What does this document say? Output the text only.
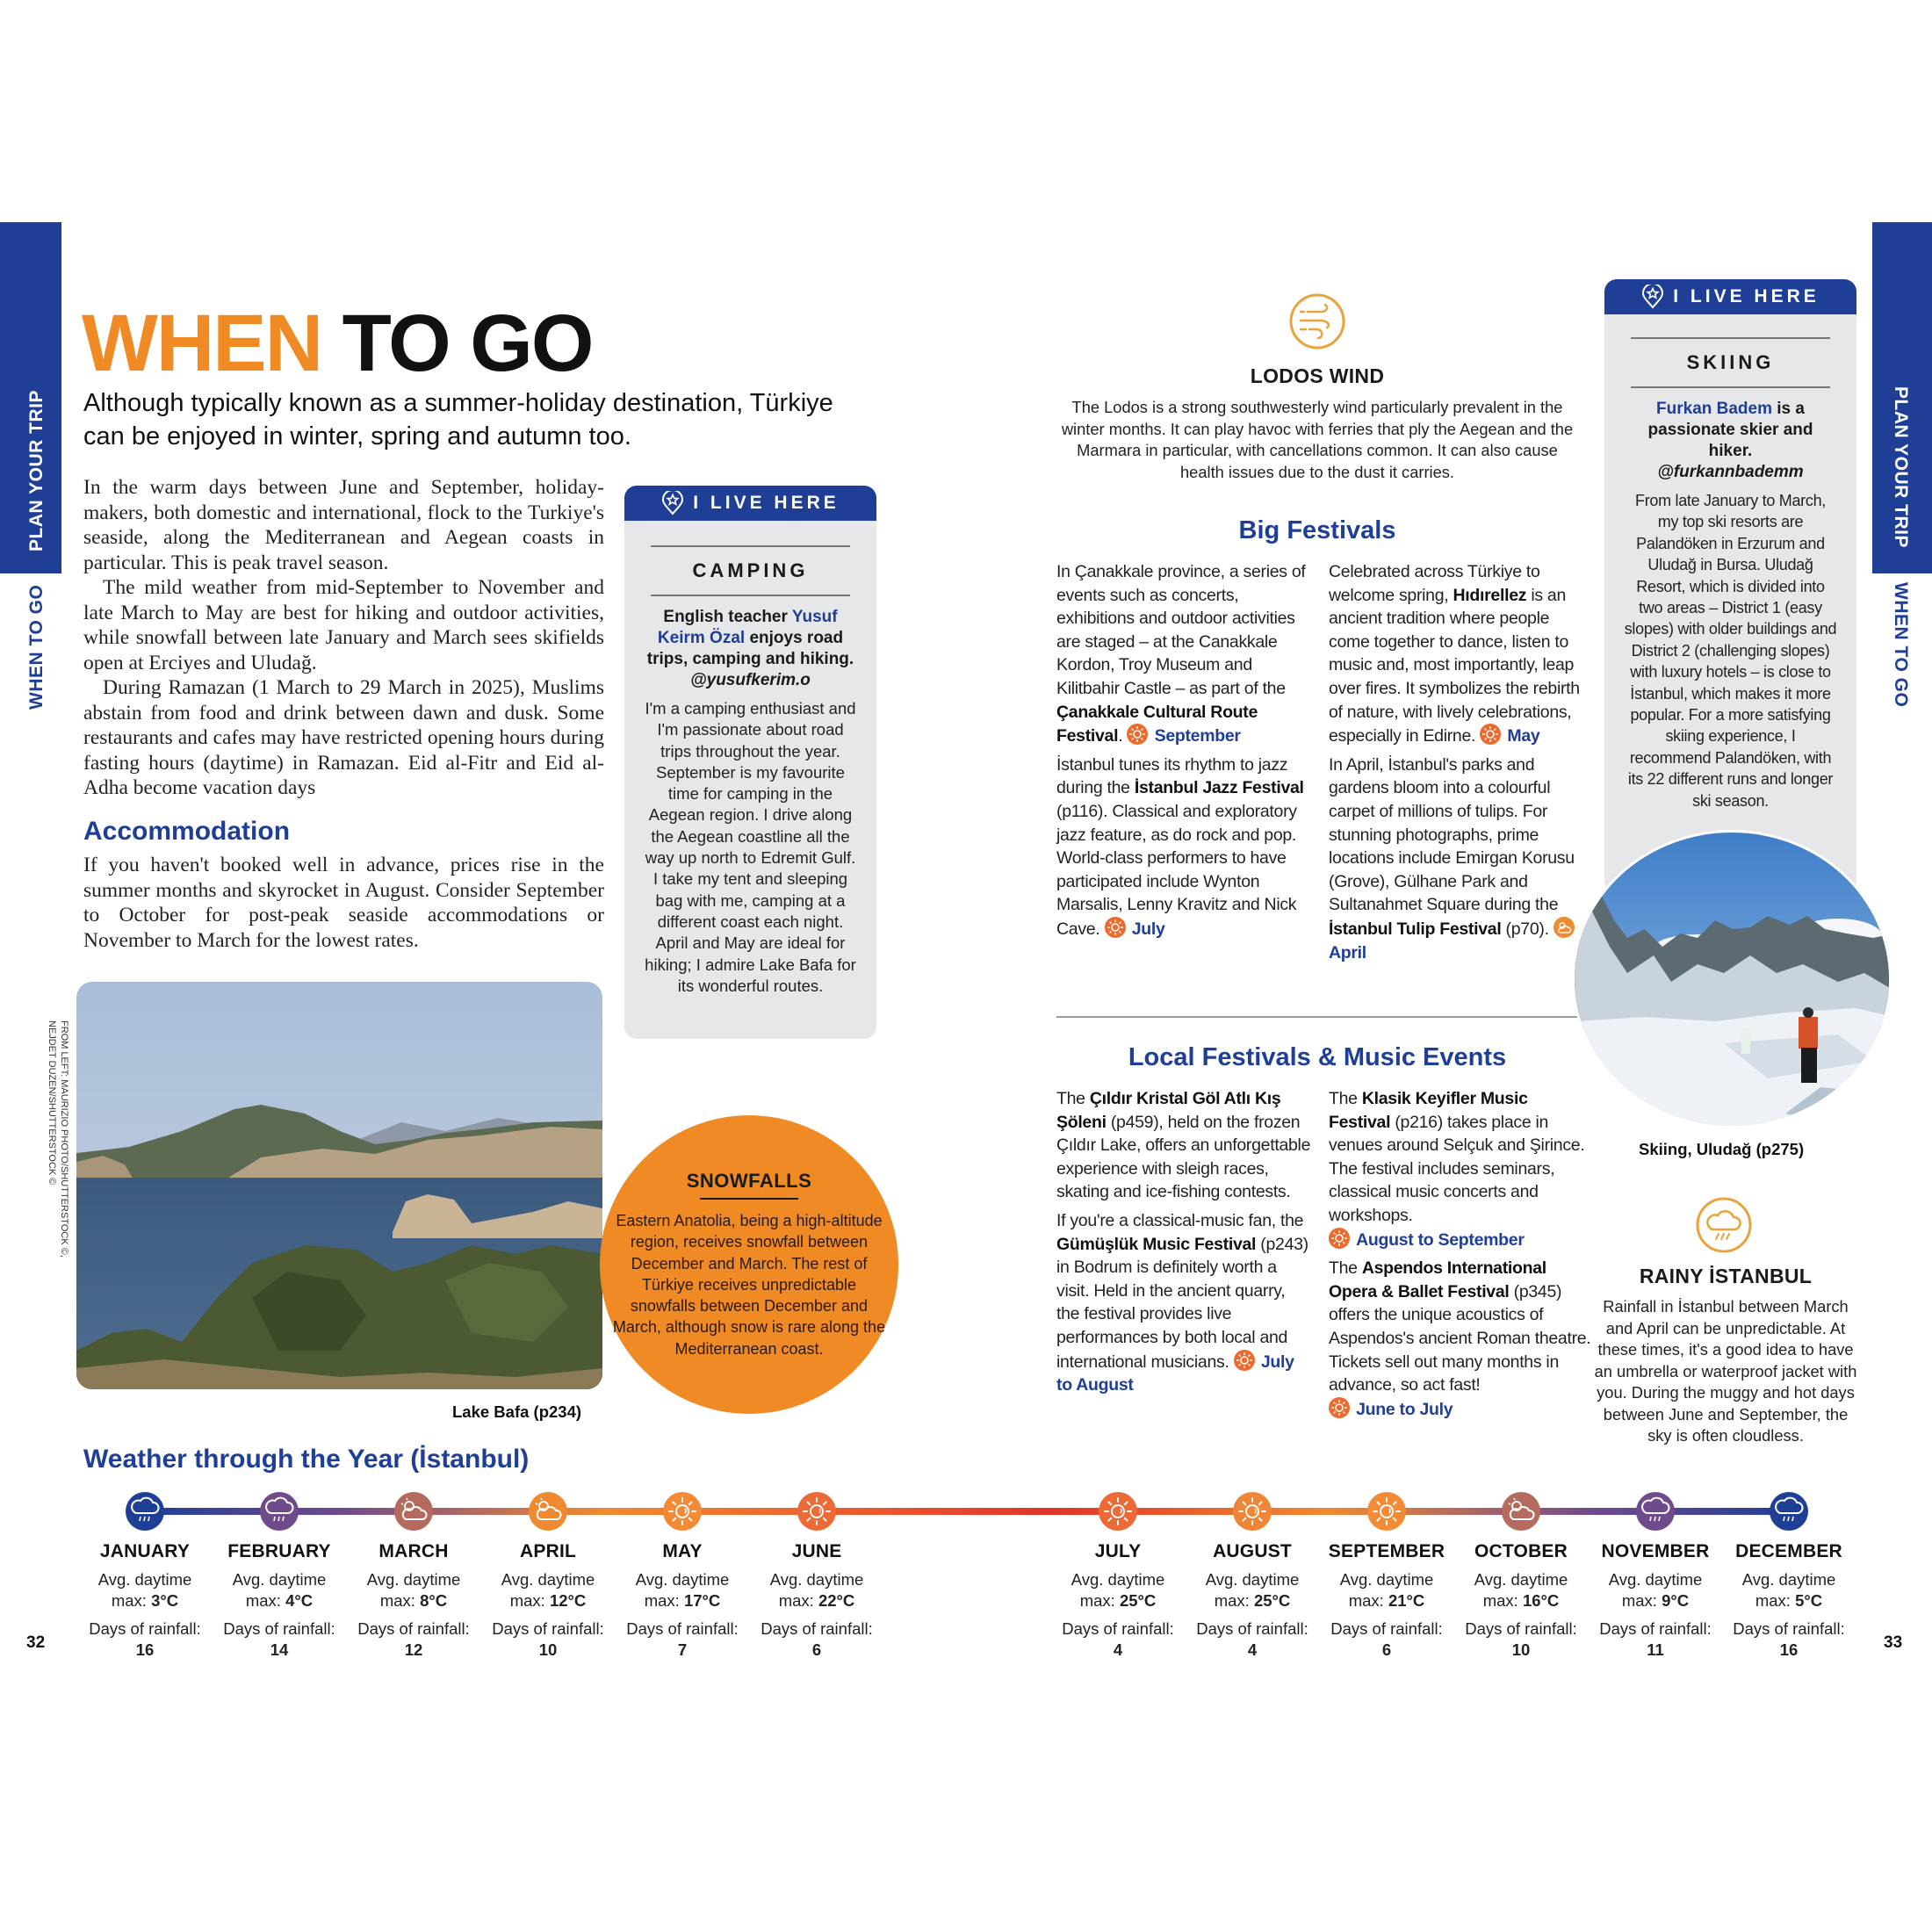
PLAN YOUR TRIP
WHEN TO GO
PLAN YOUR TRIP
WHEN TO GO
WHEN TO GO
Although typically known as a summer-holiday destination, Türkiye can be enjoyed in winter, spring and autumn too.

In the warm days between June and September, holiday-makers, both domestic and international, flock to the Turkiye's seaside, along the Mediterranean and Aegean coasts in particular. This is peak travel season.

The mild weather from mid-September to November and late March to May are best for hiking and outdoor activities, while snowfall between late January and March sees skifields open at Erciyes and Uludağ.

During Ramazan (1 March to 29 March in 2025), Muslims abstain from food and drink between dawn and dusk. Some restaurants and cafes may have restricted opening hours during fasting hours (daytime) in Ramazan. Eid al-Fitr and Eid al-Adha become vacation days

Accommodation
If you haven't booked well in advance, prices rise in the summer months and skyrocket in August. Consider September to October for post-peak seaside accommodations or November to March for the lowest rates.
I LIVE HERE
CAMPING
English teacher Yusuf Keirm Özal enjoys road trips, camping and hiking.
@yusufkerim.o
I'm a camping enthusiast and I'm passionate about road trips throughout the year. September is my favourite time for camping in the Aegean region. I drive along the Aegean coastline all the way up north to Edremit Gulf. I take my tent and sleeping bag with me, camping at a different coast each night. April and May are ideal for hiking; I admire Lake Bafa for its wonderful routes.
Lake Bafa (p234)
FROM LEFT: MAURIZIO PHOTO/SHUTTERSTOCK ©,
NEJDET DUZEN/SHUTTERSTOCK ©	SNOWFALLS
Eastern Anatolia, being a high-altitude region, receives snowfall between December and March. The rest of Türkiye receives unpredictable snowfalls between December and March, although snow is rare along the Mediterranean coast.
LODOS WIND
The Lodos is a strong southwesterly wind particularly prevalent in the winter months. It can play havoc with ferries that ply the Aegean and the Marmara in particular, with cancellations common. It can also cause health issues due to the dust it carries.
Big Festivals

In Çanakkale province, a series of events such as concerts, exhibitions and outdoor activities are staged – at the Canakkale Kordon, Troy Museum and Kilitbahir Castle – as part of the Çanakkale Cultural Route Festival. September

İstanbul tunes its rhythm to jazz during the İstanbul Jazz Festival (p116). Classical and exploratory jazz feature, as do rock and pop. World-class performers to have participated include Wynton Marsalis, Lenny Kravitz and Nick Cave. July

Celebrated across Türkiye to welcome spring, Hıdırellez is an ancient tradition where people come together to dance, listen to music and, most importantly, leap over fires. It symbolizes the rebirth of nature, with lively celebrations, especially in Edirne. May

In April, İstanbul's parks and gardens bloom into a colourful carpet of millions of tulips. For stunning photographs, prime locations include Emirgan Korusu (Grove), Gülhane Park and Sultanahmet Square during the İstanbul Tulip Festival (p70).
April

Local Festivals & Music Events

The Çıldır Kristal Göl Atlı Kış Şöleni (p459), held on the frozen Çıldır Lake, offers an unforgettable experience with sleigh races, skating and ice-fishing contests.

If you're a classical-music fan, the Gümüşlük Music Festival (p243) in Bodrum is definitely worth a visit. Held in the ancient quarry, the festival provides live performances by both local and international musicians. July to August

The Klasik Keyifler Music Festival (p216) takes place in venues around Selçuk and Şirince. The festival includes seminars, classical music concerts and workshops.

August to September

The Aspendos International Opera & Ballet Festival (p345) offers the unique acoustics of Aspendos's ancient Roman theatre. Tickets sell out many months in advance, so act fast!

June to July

I LIVE HERE
SKIING
Furkan Badem is a passionate skier and hiker.
@furkannbademm
From late January to March, my top ski resorts are Palandöken in Erzurum and Uludağ in Bursa. Uludağ Resort, which is divided into two areas – District 1 (easy slopes) with older buildings and District 2 (challenging slopes) with luxury hotels – is close to İstanbul, which makes it more popular. For a more satisfying skiing experience, I recommend Palandöken, with its 22 different runs and longer ski season.
Skiing, Uludağ (p275)
RAINY İSTANBUL
Rainfall in İstanbul between March and April can be unpredictable. At these times, it's a good idea to have an umbrella or waterproof jacket with you. During the muggy and hot days between June and September, the sky is often cloudless.
Weather through the Year (İstanbul)
JANUARY
Avg. daytime
max: 3°C
Days of rainfall:
16
FEBRUARY
Avg. daytime
max: 4°C
Days of rainfall:
14
MARCH
Avg. daytime
max: 8°C
Days of rainfall:
12
APRIL
Avg. daytime
max: 12°C
Days of rainfall:
10
MAY
Avg. daytime
max: 17°C
Days of rainfall:
7
JUNE
Avg. daytime
max: 22°C
Days of rainfall:
6
JULY
Avg. daytime
max: 25°C
Days of rainfall:
4
AUGUST
Avg. daytime
max: 25°C
Days of rainfall:
4
SEPTEMBER
Avg. daytime
max: 21°C
Days of rainfall:
6
OCTOBER
Avg. daytime
max: 16°C
Days of rainfall:
10
NOVEMBER
Avg. daytime
max: 9°C
Days of rainfall:
11
DECEMBER
Avg. daytime
max: 5°C
Days of rainfall:
16
32	33
